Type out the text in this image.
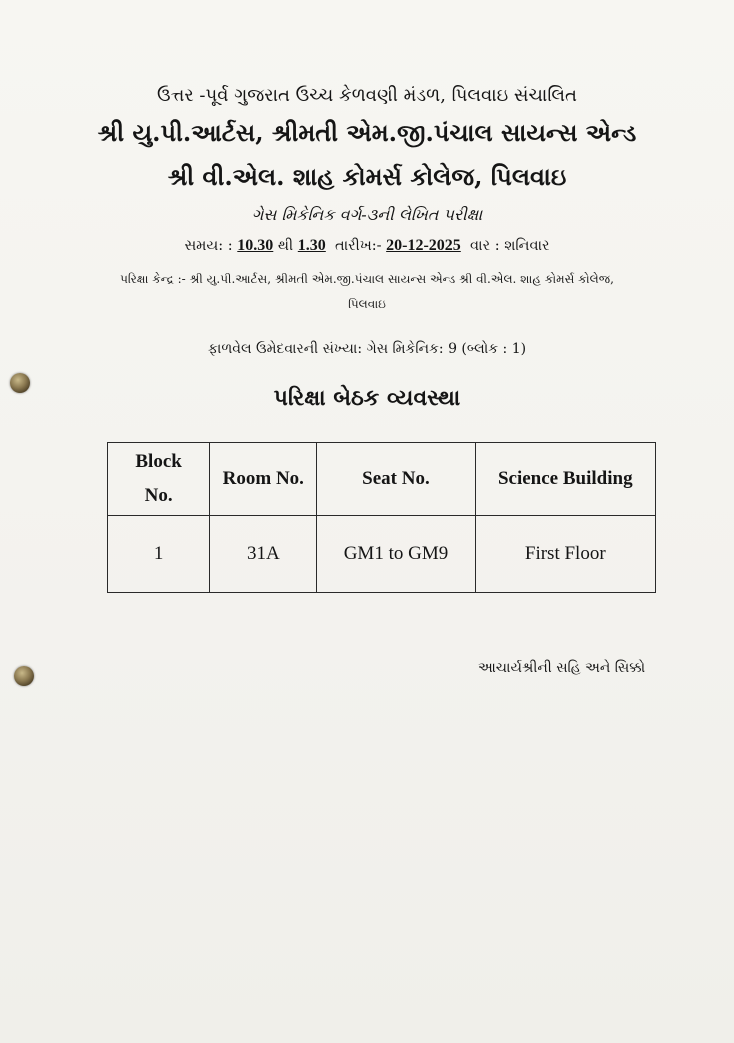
ઉત્તર -પૂર્વ ગુજરાત ઉચ્ચ કેળવણી મંડળ, પિલવાઇ સંચાલિત
શ્રી યુ.પી.આર્ટસ, શ્રીમતી એમ.જી.પંચાલ સાયન્સ એન્ડ
શ્રી વી.એલ. શાહ કોમર્સ કોલેજ, પિલવાઇ
ગેસ મિકેનિક વર્ગ-૩ની લેખિત પરીક્ષા
સમય: : 10.30 થી 1.30 તારીખ:- 20-12-2025 વાર : શનિવાર
પરિક્ષા કેન્દ્ર :- શ્રી યુ.પી.આર્ટસ, શ્રીમતી એમ.જી.પંચાલ સાયન્સ એન્ડ શ્રી વી.એલ. શાહ કોમર્સ કોલેજ,
પિલવાઇ
ફાળવેલ ઉમેદવારની સંખ્યા: ગેસ મિકેનિક: 9 (બ્લોક : 1)
પરિક્ષા બેઠક વ્યવસ્થા
Block No.	Room No.	Seat No.	Science Building
1	31A	GM1 to GM9	First Floor
આચાર્યશ્રીની સહિ અને સિક્કો
